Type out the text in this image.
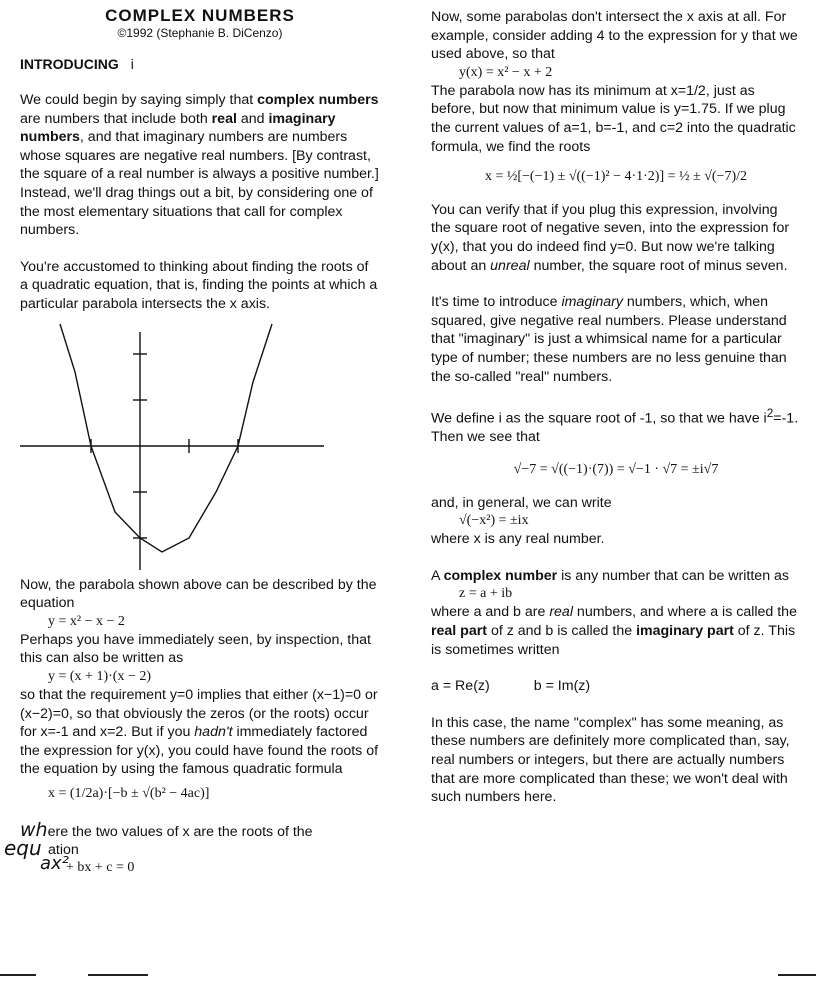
COMPLEX NUMBERS
©1992 (Stephanie B. DiCenzo)
INTRODUCING i

We could begin by saying simply that complex numbers are numbers that include both real and imaginary numbers, and that imaginary numbers are numbers whose squares are negative real numbers. [By contrast, the square of a real number is always a positive number.] Instead, we'll drag things out a bit, by considering one of the most elementary situations that call for complex numbers.

You're accustomed to thinking about finding the roots of a quadratic equation, that is, finding the points at which a particular parabola intersects the x axis.

Now, the parabola shown above can be described by the equation

y = x² − x − 2

Perhaps you have immediately seen, by inspection, that this can also be written as

y = (x + 1)·(x − 2)

so that the requirement y=0 implies that either (x−1)=0 or (x−2)=0, so that obviously the zeros (or the roots) occur for x=-1 and x=2. But if you hadn't immediately factored the expression for y(x), you could have found the roots of the equation by using the famous quadratic formula

x = (1/2a)·[−b ± √(b² − 4ac)]

where the two values of x are the roots of the

equ ation
ax²
+ bx + c = 0

Now, some parabolas don't intersect the x axis at all. For example, consider adding 4 to the expression for y that we used above, so that

y(x) = x² − x + 2

The parabola now has its minimum at x=1/2, just as before, but now that minimum value is y=1.75. If we plug the current values of a=1, b=-1, and c=2 into the quadratic formula, we find the roots

x = ½[−(−1) ± √((−1)² − 4·1·2)] = ½ ± √(−7)/2

You can verify that if you plug this expression, involving the square root of negative seven, into the expression for y(x), that you do indeed find y=0. But now we're talking about an unreal number, the square root of minus seven.

It's time to introduce imaginary numbers, which, when squared, give negative real numbers. Please understand that "imaginary" is just a whimsical name for a particular type of number; these numbers are no less genuine than the so-called "real" numbers.

We define i as the square root of -1, so that we have $i^2=-1$. Then we see that

√−7 = √((−1)·(7)) = √−1 · √7 = ±i√7

and, in general, we can write

√(−x²) = ±ix

where x is any real number.

A complex number is any number that can be written as

z = a + ib

where a and b are real numbers, and where a is called the real part of z and b is called the imaginary part of z. This is sometimes written

a = Re(z)	b = Im(z)

In this case, the name "complex" has some meaning, as these numbers are definitely more complicated than, say, real numbers or integers, but there are actually numbers that are more complicated than these; we won't deal with such numbers here.
